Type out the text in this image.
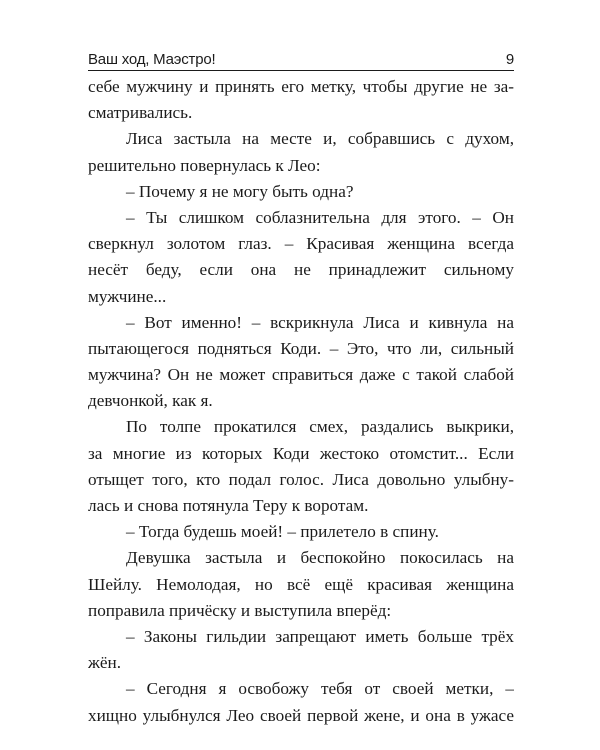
Ваш ход, Маэстро!	9
себе мужчину и принять его метку, чтобы другие не за-
сматривались.
Лиса застыла на месте и, собравшись с духом,
решительно повернулась к Лео:
– Почему я не могу быть одна?
– Ты слишком соблазнительна для этого. – Он
сверкнул золотом глаз. – Красивая женщина всегда
несёт беду, если она не принадлежит сильному
мужчине...
– Вот именно! – вскрикнула Лиса и кивнула на
пытающегося подняться Коди. – Это, что ли, сильный
мужчина? Он не может справиться даже с такой слабой
девчонкой, как я.
По толпе прокатился смех, раздались выкрики,
за многие из которых Коди жестоко отомстит... Если
отыщет того, кто подал голос. Лиса довольно улыбну-
лась и снова потянула Теру к воротам.
– Тогда будешь моей! – прилетело в спину.
Девушка застыла и беспокойно покосилась на
Шейлу. Немолодая, но всё ещё красивая женщина
поправила причёску и выступила вперёд:
– Законы гильдии запрещают иметь больше трёх
жён.
– Сегодня я освобожу тебя от своей метки, –
хищно улыбнулся Лео своей первой жене, и она в ужасе
